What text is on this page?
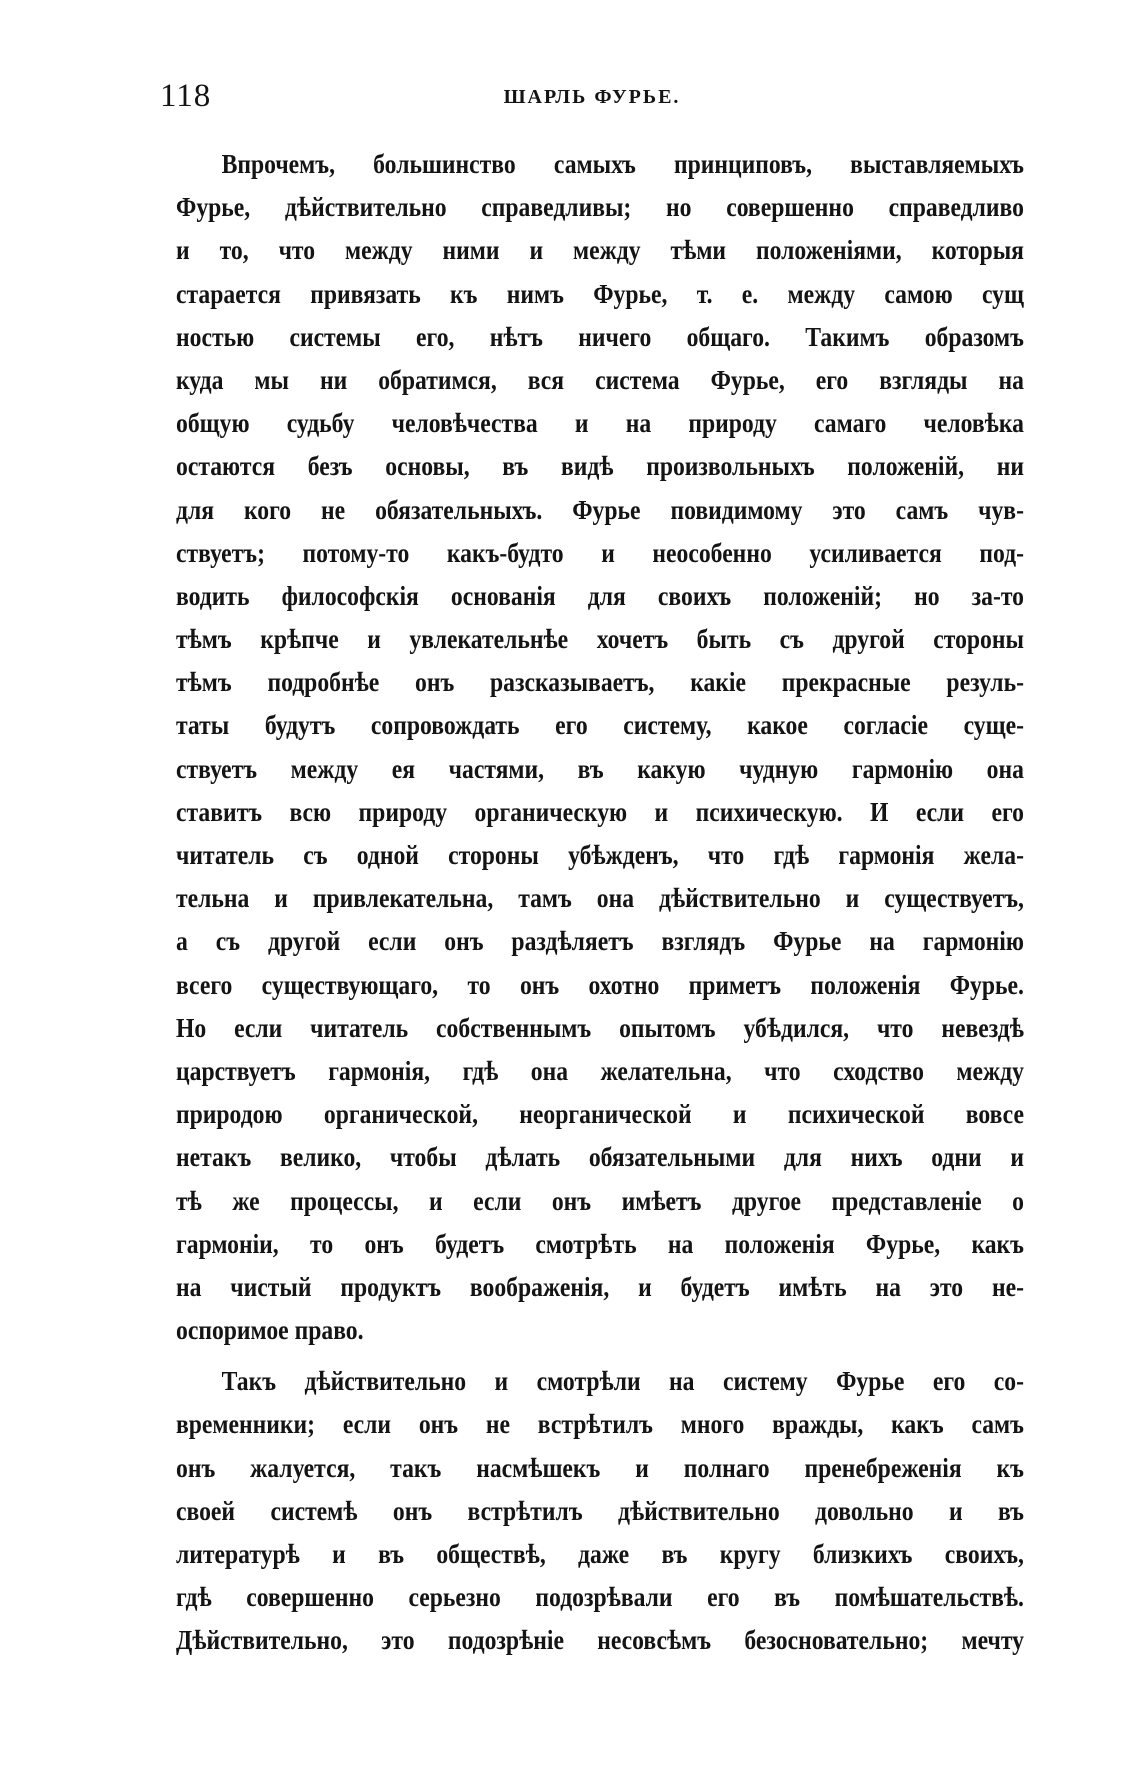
118	ШАРЛЬ ФУРЬЕ.
Впрочемъ, большинство самыхъ принциповъ, выставляемыхъ
Фурье, дѣйствительно справедливы; но совершенно справедливо
и то, что между ними и между тѣми положеніями, которыя
старается привязать къ нимъ Фурье, т. е. между самою сущ
ностью системы его, нѣтъ ничего общаго. Такимъ образомъ
куда мы ни обратимся, вся система Фурье, его взгляды на
общую судьбу человѣчества и на природу самаго человѣка
остаются безъ основы, въ видѣ произвольныхъ положеній, ни
для кого не обязательныхъ. Фурье повидимому это самъ чув-
ствуетъ; потому-то какъ-будто и неособенно усиливается под-
водить философскія основанія для своихъ положеній; но за-то
тѣмъ крѣпче и увлекательнѣе хочетъ быть съ другой стороны
тѣмъ подробнѣе онъ разсказываетъ, какіе прекрасные резуль-
таты будутъ сопровождать его систему, какое согласіе суще-
ствуетъ между ея частями, въ какую чудную гармонію она
ставитъ всю природу органическую и психическую. И если его
читатель съ одной стороны убѣжденъ, что гдѣ гармонія жела-
тельна и привлекательна, тамъ она дѣйствительно и существуетъ,
а съ другой если онъ раздѣляетъ взглядъ Фурье на гармонію
всего существующаго, то онъ охотно приметъ положенія Фурье.
Но если читатель собственнымъ опытомъ убѣдился, что невездѣ
царствуетъ гармонія, гдѣ она желательна, что сходство между
природою органической, неорганической и психической вовсе
нетакъ велико, чтобы дѣлать обязательными для нихъ одни и
тѣ же процессы, и если онъ имѣетъ другое представленіе о
гармоніи, то онъ будетъ смотрѣть на положенія Фурье, какъ
на чистый продуктъ воображенія, и будетъ имѣть на это не-
оспоримое право.
Такъ дѣйствительно и смотрѣли на систему Фурье его со-
временники; если онъ не встрѣтилъ много вражды, какъ самъ
онъ жалуется, такъ насмѣшекъ и полнаго пренебреженія къ
своей системѣ онъ встрѣтилъ дѣйствительно довольно и въ
литературѣ и въ обществѣ, даже въ кругу близкихъ своихъ,
гдѣ совершенно серьезно подозрѣвали его въ помѣшательствѣ.
Дѣйствительно, это подозрѣніе несовсѣмъ безосновательно; мечту
